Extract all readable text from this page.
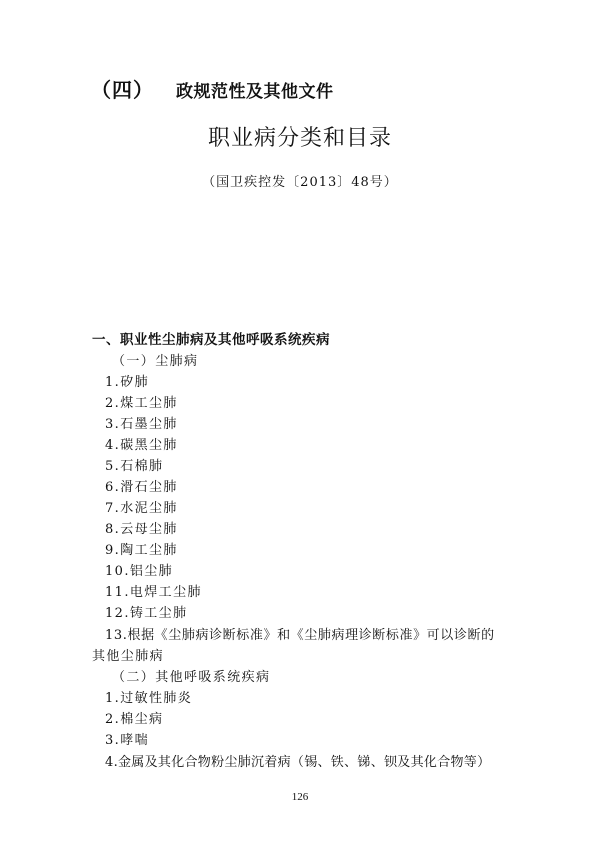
（四） 政规范性及其他文件
职业病分类和目录
（国卫疾控发〔2013〕48号）
一、职业性尘肺病及其他呼吸系统疾病
（一）尘肺病
1.矽肺
2.煤工尘肺
3.石墨尘肺
4.碳黑尘肺
5.石棉肺
6.滑石尘肺
7.水泥尘肺
8.云母尘肺
9.陶工尘肺
10.铝尘肺
11.电焊工尘肺
12.铸工尘肺
13.根据《尘肺病诊断标准》和《尘肺病理诊断标准》可以诊断的
其他尘肺病
（二）其他呼吸系统疾病
1.过敏性肺炎
2.棉尘病
3.哮喘
4.金属及其化合物粉尘肺沉着病（锡、铁、锑、钡及其化合物等）
126
